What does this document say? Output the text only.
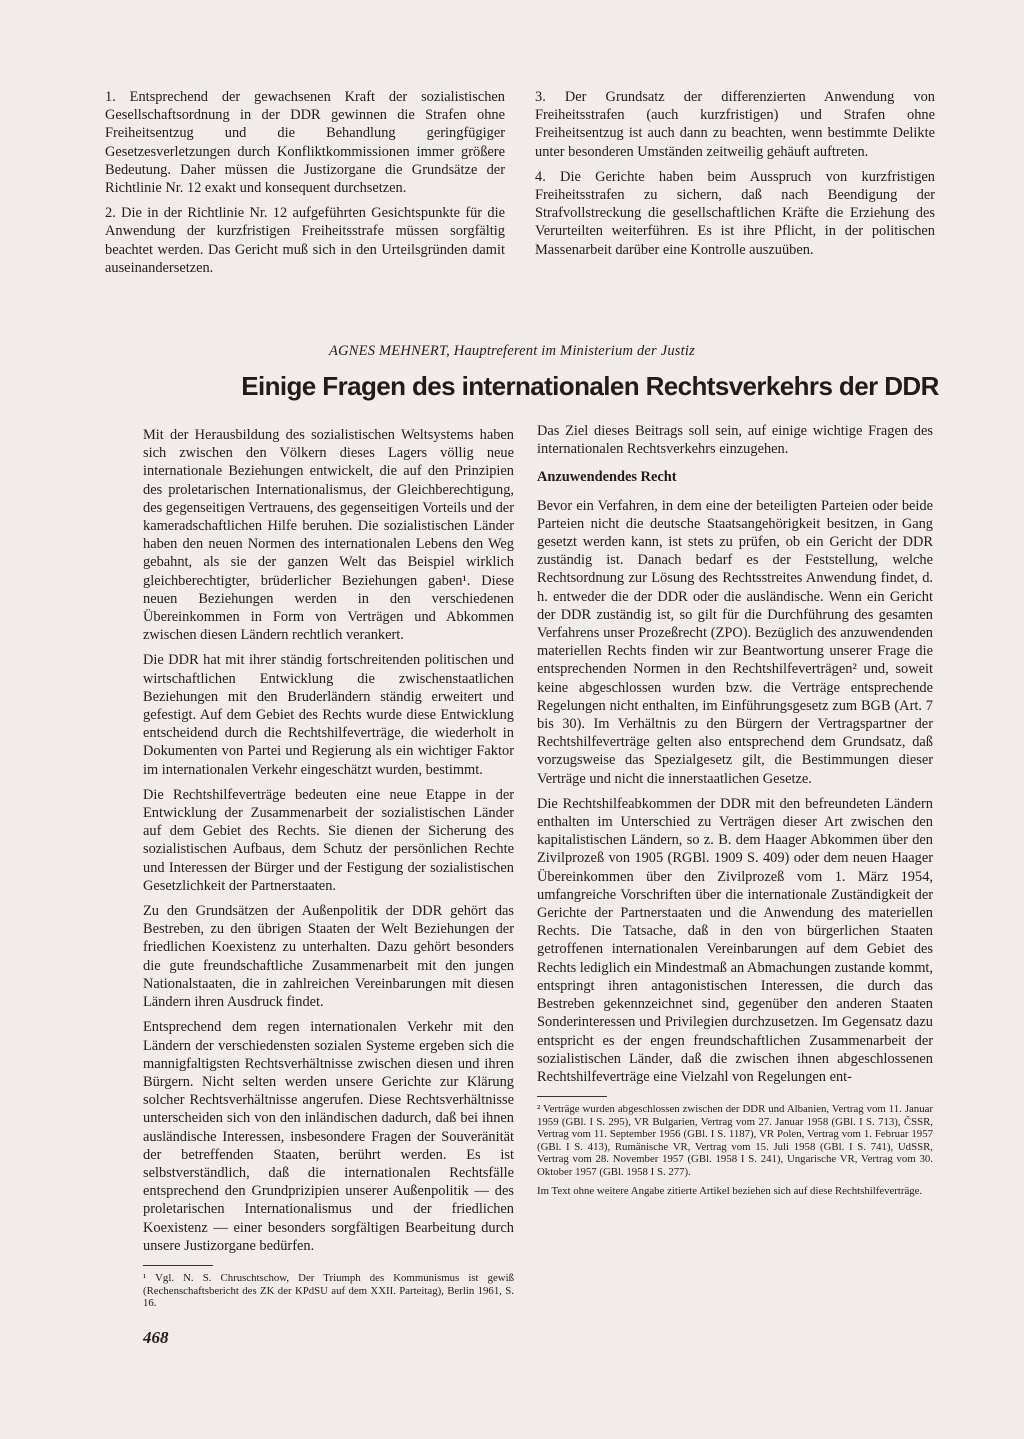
1. Entsprechend der gewachsenen Kraft der sozialistischen Gesellschaftsordnung in der DDR gewinnen die Strafen ohne Freiheitsentzug und die Behandlung geringfügiger Gesetzesverletzungen durch Konfliktkommissionen immer größere Bedeutung. Daher müssen die Justizorgane die Grundsätze der Richtlinie Nr. 12 exakt und konsequent durchsetzen.

2. Die in der Richtlinie Nr. 12 aufgeführten Gesichtspunkte für die Anwendung der kurzfristigen Freiheitsstrafe müssen sorgfältig beachtet werden. Das Gericht muß sich in den Urteilsgründen damit auseinandersetzen.

3. Der Grundsatz der differenzierten Anwendung von Freiheitsstrafen (auch kurzfristigen) und Strafen ohne Freiheitsentzug ist auch dann zu beachten, wenn bestimmte Delikte unter besonderen Umständen zeitweilig gehäuft auftreten.

4. Die Gerichte haben beim Ausspruch von kurzfristigen Freiheitsstrafen zu sichern, daß nach Beendigung der Strafvollstreckung die gesellschaftlichen Kräfte die Erziehung des Verurteilten weiterführen. Es ist ihre Pflicht, in der politischen Massenarbeit darüber eine Kontrolle auszuüben.

AGNES MEHNERT, Hauptreferent im Ministerium der Justiz
Einige Fragen des internationalen Rechtsverkehrs der DDR

Mit der Herausbildung des sozialistischen Weltsystems haben sich zwischen den Völkern dieses Lagers völlig neue internationale Beziehungen entwickelt, die auf den Prinzipien des proletarischen Internationalismus, der Gleichberechtigung, des gegenseitigen Vertrauens, des gegenseitigen Vorteils und der kameradschaftlichen Hilfe beruhen. Die sozialistischen Länder haben den neuen Normen des internationalen Lebens den Weg gebahnt, als sie der ganzen Welt das Beispiel wirklich gleichberechtigter, brüderlicher Beziehungen gaben¹. Diese neuen Beziehungen werden in den verschiedenen Übereinkommen in Form von Verträgen und Abkommen zwischen diesen Ländern rechtlich verankert.

Die DDR hat mit ihrer ständig fortschreitenden politischen und wirtschaftlichen Entwicklung die zwischenstaatlichen Beziehungen mit den Bruderländern ständig erweitert und gefestigt. Auf dem Gebiet des Rechts wurde diese Entwicklung entscheidend durch die Rechtshilfeverträge, die wiederholt in Dokumenten von Partei und Regierung als ein wichtiger Faktor im internationalen Verkehr eingeschätzt wurden, bestimmt.

Die Rechtshilfeverträge bedeuten eine neue Etappe in der Entwicklung der Zusammenarbeit der sozialistischen Länder auf dem Gebiet des Rechts. Sie dienen der Sicherung des sozialistischen Aufbaus, dem Schutz der persönlichen Rechte und Interessen der Bürger und der Festigung der sozialistischen Gesetzlichkeit der Partnerstaaten.

Zu den Grundsätzen der Außenpolitik der DDR gehört das Bestreben, zu den übrigen Staaten der Welt Beziehungen der friedlichen Koexistenz zu unterhalten. Dazu gehört besonders die gute freundschaftliche Zusammenarbeit mit den jungen Nationalstaaten, die in zahlreichen Vereinbarungen mit diesen Ländern ihren Ausdruck findet.

Entsprechend dem regen internationalen Verkehr mit den Ländern der verschiedensten sozialen Systeme ergeben sich die mannigfaltigsten Rechtsverhältnisse zwischen diesen und ihren Bürgern. Nicht selten werden unsere Gerichte zur Klärung solcher Rechtsverhältnisse angerufen. Diese Rechtsverhältnisse unterscheiden sich von den inländischen dadurch, daß bei ihnen ausländische Interessen, insbesondere Fragen der Souveränität der betreffenden Staaten, berührt werden. Es ist selbstverständlich, daß die internationalen Rechtsfälle entsprechend den Grundprizipien unserer Außenpolitik — des proletarischen Internationalismus und der friedlichen Koexistenz — einer besonders sorgfältigen Bearbeitung durch unsere Justizorgane bedürfen.

¹ Vgl. N. S. Chruschtschow, Der Triumph des Kommunismus ist gewiß (Rechenschaftsbericht des ZK der KPdSU auf dem XXII. Parteitag), Berlin 1961, S. 16.

Das Ziel dieses Beitrags soll sein, auf einige wichtige Fragen des internationalen Rechtsverkehrs einzugehen.

Anzuwendendes Recht

Bevor ein Verfahren, in dem eine der beteiligten Parteien oder beide Parteien nicht die deutsche Staatsangehörigkeit besitzen, in Gang gesetzt werden kann, ist stets zu prüfen, ob ein Gericht der DDR zuständig ist. Danach bedarf es der Feststellung, welche Rechtsordnung zur Lösung des Rechtsstreites Anwendung findet, d. h. entweder die der DDR oder die ausländische. Wenn ein Gericht der DDR zuständig ist, so gilt für die Durchführung des gesamten Verfahrens unser Prozeßrecht (ZPO). Bezüglich des anzuwendenden materiellen Rechts finden wir zur Beantwortung unserer Frage die entsprechenden Normen in den Rechtshilfeverträgen² und, soweit keine abgeschlossen wurden bzw. die Verträge entsprechende Regelungen nicht enthalten, im Einführungsgesetz zum BGB (Art. 7 bis 30). Im Verhältnis zu den Bürgern der Vertragspartner der Rechtshilfeverträge gelten also entsprechend dem Grundsatz, daß vorzugsweise das Spezialgesetz gilt, die Bestimmungen dieser Verträge und nicht die innerstaatlichen Gesetze.

Die Rechtshilfeabkommen der DDR mit den befreundeten Ländern enthalten im Unterschied zu Verträgen dieser Art zwischen den kapitalistischen Ländern, so z. B. dem Haager Abkommen über den Zivilprozeß von 1905 (RGBl. 1909 S. 409) oder dem neuen Haager Übereinkommen über den Zivilprozeß vom 1. März 1954, umfangreiche Vorschriften über die internationale Zuständigkeit der Gerichte der Partnerstaaten und die Anwendung des materiellen Rechts. Die Tatsache, daß in den von bürgerlichen Staaten getroffenen internationalen Vereinbarungen auf dem Gebiet des Rechts lediglich ein Mindestmaß an Abmachungen zustande kommt, entspringt ihren antagonistischen Interessen, die durch das Bestreben gekennzeichnet sind, gegenüber den anderen Staaten Sonderinteressen und Privilegien durchzusetzen. Im Gegensatz dazu entspricht es der engen freundschaftlichen Zusammenarbeit der sozialistischen Länder, daß die zwischen ihnen abgeschlossenen Rechtshilfeverträge eine Vielzahl von Regelungen ent-

² Verträge wurden abgeschlossen zwischen der DDR und Albanien, Vertrag vom 11. Januar 1959 (GBl. I S. 295), VR Bulgarien, Vertrag vom 27. Januar 1958 (GBl. I S. 713), ČSSR, Vertrag vom 11. September 1956 (GBl. I S. 1187), VR Polen, Vertrag vom 1. Februar 1957 (GBl. I S. 413), Rumänische VR, Vertrag vom 15. Juli 1958 (GBl. I S. 741), UdSSR, Vertrag vom 28. November 1957 (GBl. 1958 I S. 241), Ungarische VR, Vertrag vom 30. Oktober 1957 (GBl. 1958 I S. 277).

Im Text ohne weitere Angabe zitierte Artikel beziehen sich auf diese Rechtshilfeverträge.

468
